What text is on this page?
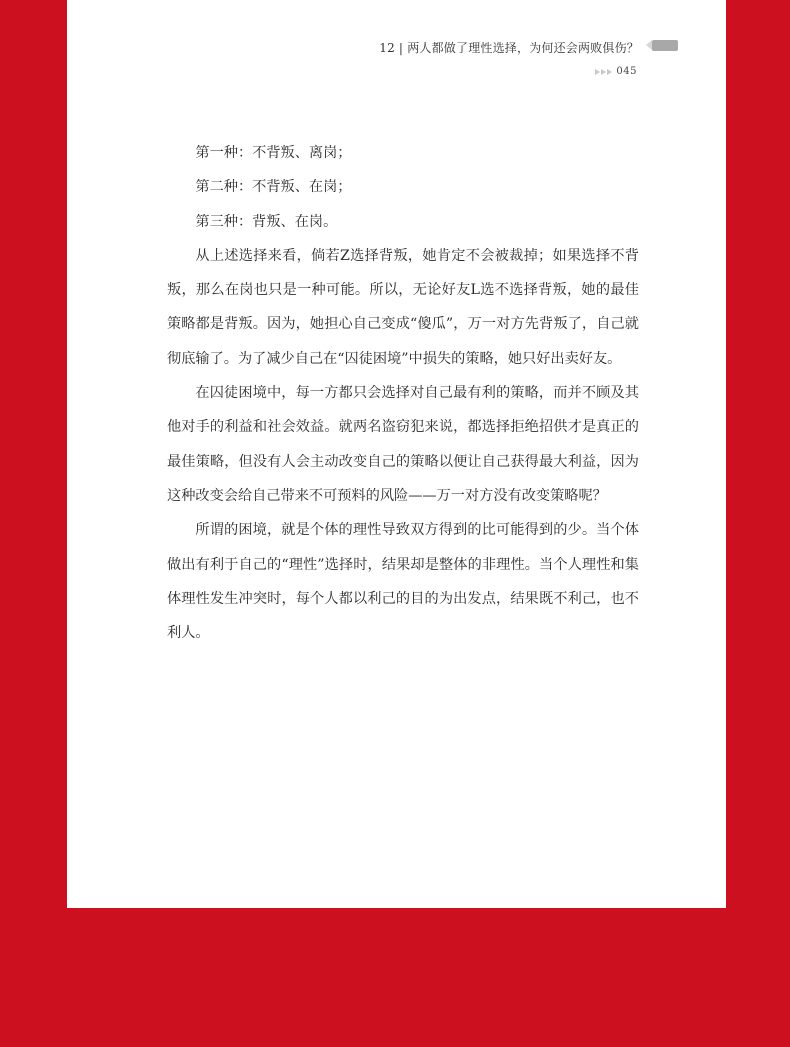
12 | 两人都做了理性选择，为何还会两败俱伤？
045

第一种：不背叛、离岗；

第二种：不背叛、在岗；

第三种：背叛、在岗。

从上述选择来看，倘若Z选择背叛，她肯定不会被裁掉；如果选择不背叛，那么在岗也只是一种可能。所以，无论好友L选不选择背叛，她的最佳策略都是背叛。因为，她担心自己变成“傻瓜”，万一对方先背叛了，自己就彻底输了。为了减少自己在“囚徒困境”中损失的策略，她只好出卖好友。

在囚徒困境中，每一方都只会选择对自己最有利的策略，而并不顾及其他对手的利益和社会效益。就两名盗窃犯来说，都选择拒绝招供才是真正的最佳策略，但没有人会主动改变自己的策略以便让自己获得最大利益，因为这种改变会给自己带来不可预料的风险——万一对方没有改变策略呢？

所谓的困境，就是个体的理性导致双方得到的比可能得到的少。当个体做出有利于自己的“理性”选择时，结果却是整体的非理性。当个人理性和集体理性发生冲突时，每个人都以利己的目的为出发点，结果既不利己，也不利人。
